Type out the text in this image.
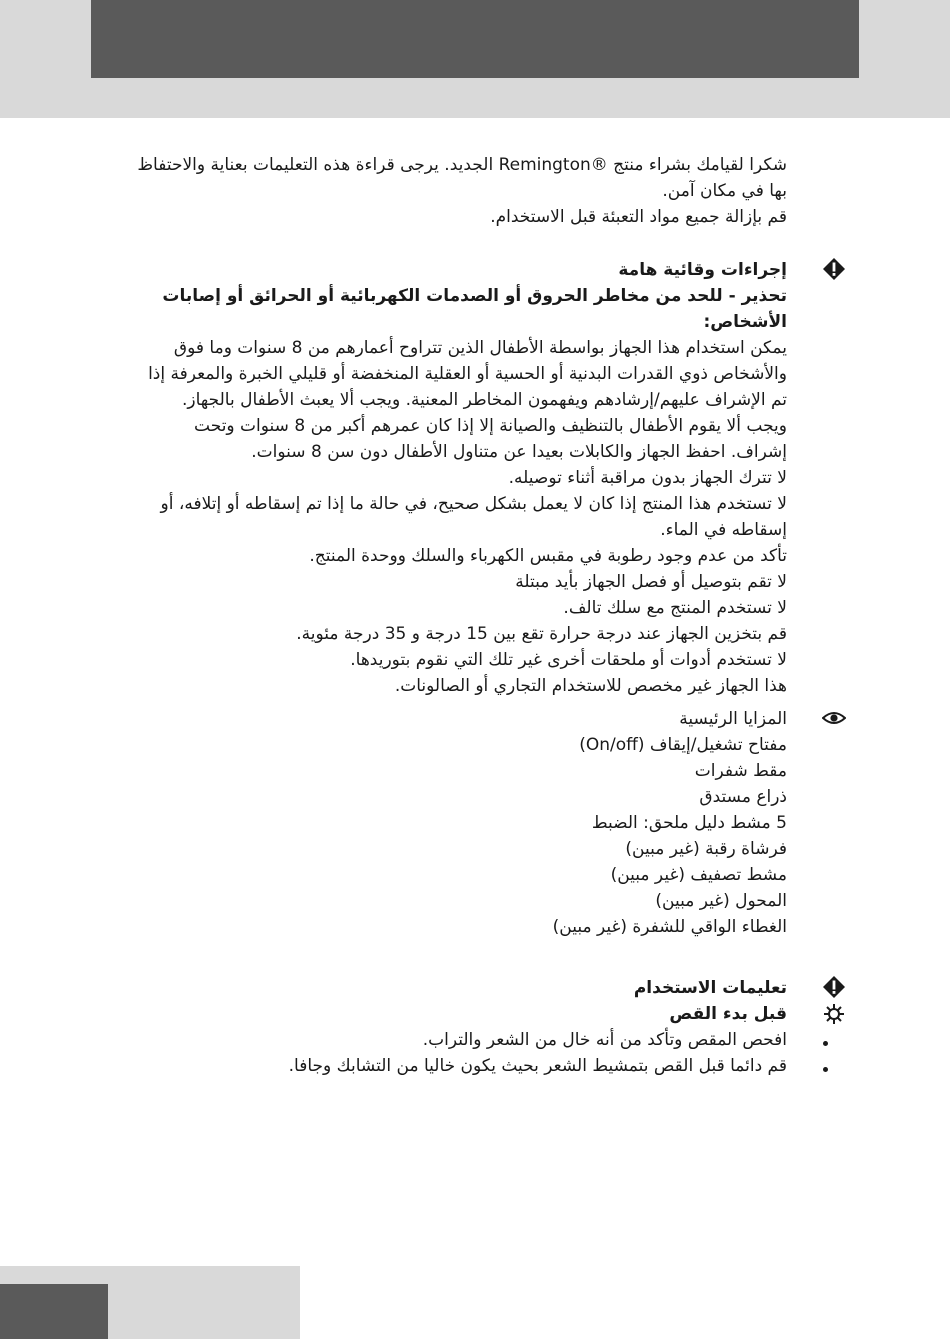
شكرا لقيامك بشراء منتج ®Remington الجديد. يرجى قراءة هذه التعليمات بعناية والاحتفاظ

بها في مكان آمن.

قم بإزالة جميع مواد التعبئة قبل الاستخدام.

إجراءات وقائية هامة

تحذير - للحد من مخاطر الحروق أو الصدمات الكهربائية أو الحرائق أو إصابات الأشخاص:

يمكن استخدام هذا الجهاز بواسطة الأطفال الذين تتراوح أعمارهم من 8 سنوات وما فوق

والأشخاص ذوي القدرات البدنية أو الحسية أو العقلية المنخفضة أو قليلي الخبرة والمعرفة إذا

تم الإشراف عليهم/إرشادهم ويفهمون المخاطر المعنية. ويجب ألا يعبث الأطفال بالجهاز.

ويجب ألا يقوم الأطفال بالتنظيف والصيانة إلا إذا كان عمرهم أكبر من 8 سنوات وتحت

إشراف. احفظ الجهاز والكابلات بعيدا عن متناول الأطفال دون سن 8 سنوات.

لا تترك الجهاز بدون مراقبة أثناء توصيله.

لا تستخدم هذا المنتج إذا كان لا يعمل بشكل صحيح، في حالة ما إذا تم إسقاطه أو إتلافه، أو

إسقاطه في الماء.

تأكد من عدم وجود رطوبة في مقبس الكهرباء والسلك ووحدة المنتج.

لا تقم بتوصيل أو فصل الجهاز بأيد مبتلة

لا تستخدم المنتج مع سلك تالف.

قم بتخزين الجهاز عند درجة حرارة تقع بين 15 درجة و 35 درجة مئوية.

لا تستخدم أدوات أو ملحقات أخرى غير تلك التي نقوم بتوريدها.

هذا الجهاز غير مخصص للاستخدام التجاري أو الصالونات.

المزايا الرئيسية

مفتاح تشغيل/إيقاف (On/off)

مقط شفرات

ذراع مستدق

5 مشط دليل ملحق: الضبط

فرشاة رقبة (غير مبين)

مشط تصفيف (غير مبين)

المحول (غير مبين)

الغطاء الواقي للشفرة (غير مبين)

تعليمات الاستخدام

قبل بدء القص

افحص المقص وتأكد من أنه خال من الشعر والتراب.
قم دائما قبل القص بتمشيط الشعر بحيث يكون خاليا من التشابك وجافا.
